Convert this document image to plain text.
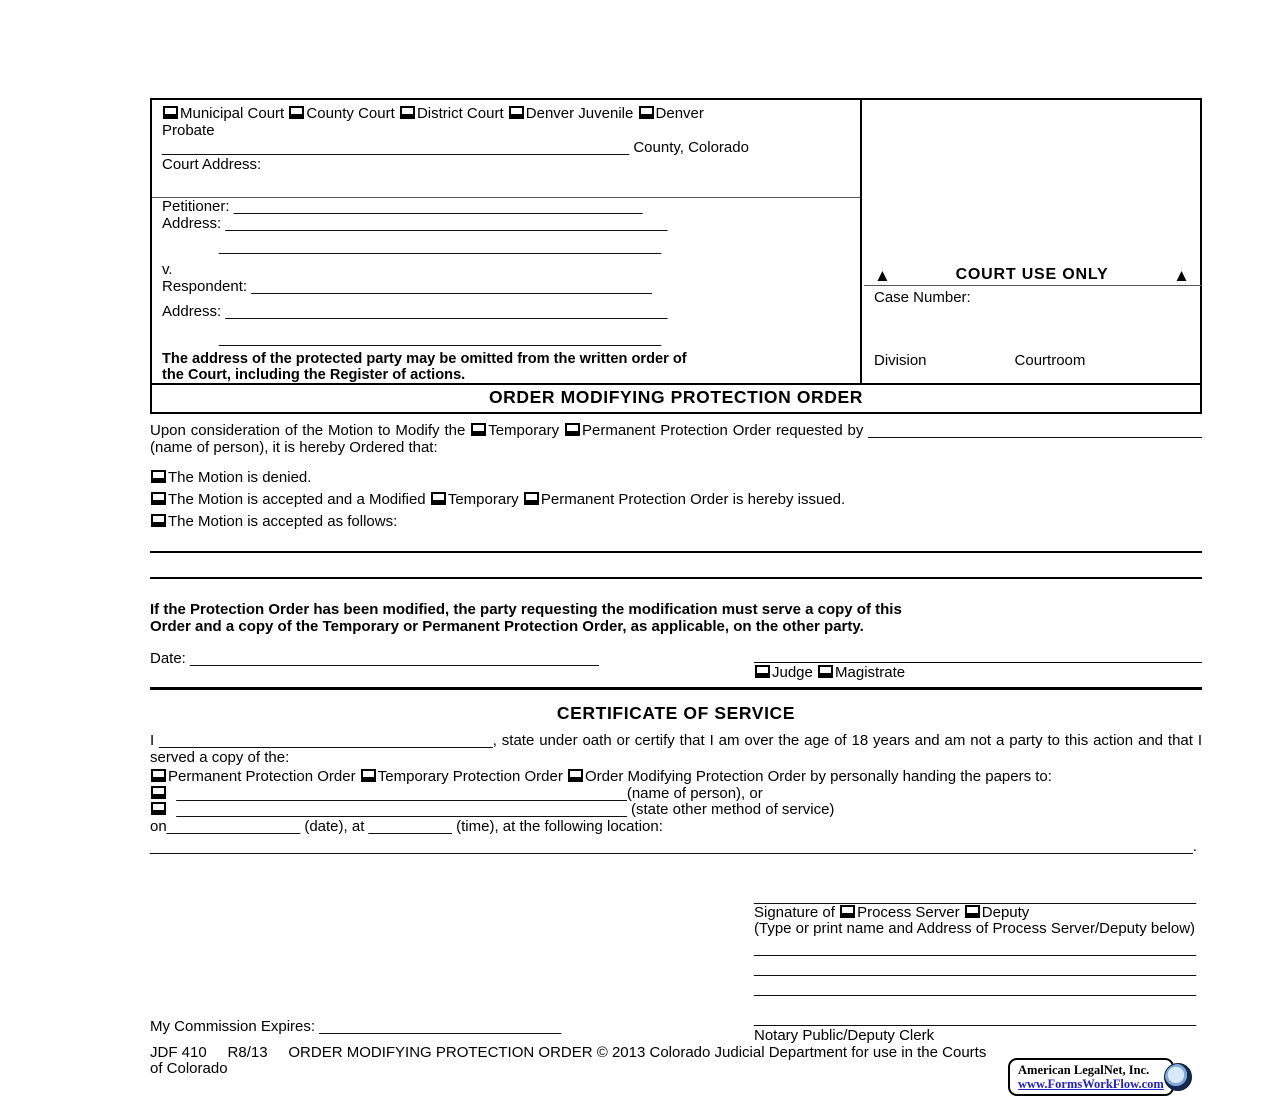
Municipal Court County Court District Court Denver Juvenile Denver
Probate
________________________________________________________ County, Colorado
Court Address:
Petitioner: _________________________________________________
Address: _____________________________________________________
_____________________________________________________
v.
Respondent: ________________________________________________
Address: _____________________________________________________
_____________________________________________________
The address of the protected party may be omitted from the written order of
the Court, including the Register of actions.
▲	COURT USE ONLY	▲
Case Number:
Division	Courtroom
ORDER MODIFYING PROTECTION ORDER
Upon consideration of the Motion to Modify the Temporary Permanent Protection Order requested by ________________________________________ (name of person), it is hereby Ordered that:
The Motion is denied.
The Motion is accepted and a Modified Temporary Permanent Protection Order is hereby issued.
The Motion is accepted as follows:
If the Protection Order has been modified, the party requesting the modification must serve a copy of this
Order and a copy of the Temporary or Permanent Protection Order, as applicable, on the other party.
Date: _________________________________________________
Judge Magistrate
CERTIFICATE OF SERVICE
I ________________________________________, state under oath or certify that I am over the age of 18 years and am not a party to this action and that I served a copy of the:
Permanent Protection Order Temporary Protection Order Order Modifying Protection Order by personally handing the papers to:
______________________________________________________(name of person), or
______________________________________________________ (state other method of service)
on________________ (date), at __________ (time), at the following location:
_____________________________________________________________________________________________________________________________.
_____________________________________________________
Signature of Process Server Deputy
(Type or print name and Address of Process Server/Deputy below)
_____________________________________________________
_____________________________________________________
_____________________________________________________
My Commission Expires: _____________________________	_____________________________________________________
Notary Public/Deputy Clerk
JDF 410     R8/13     ORDER MODIFYING PROTECTION ORDER © 2013 Colorado Judicial Department for use in the Courts
of Colorado	American LegalNet, Inc.
www.FormsWorkFlow.com
